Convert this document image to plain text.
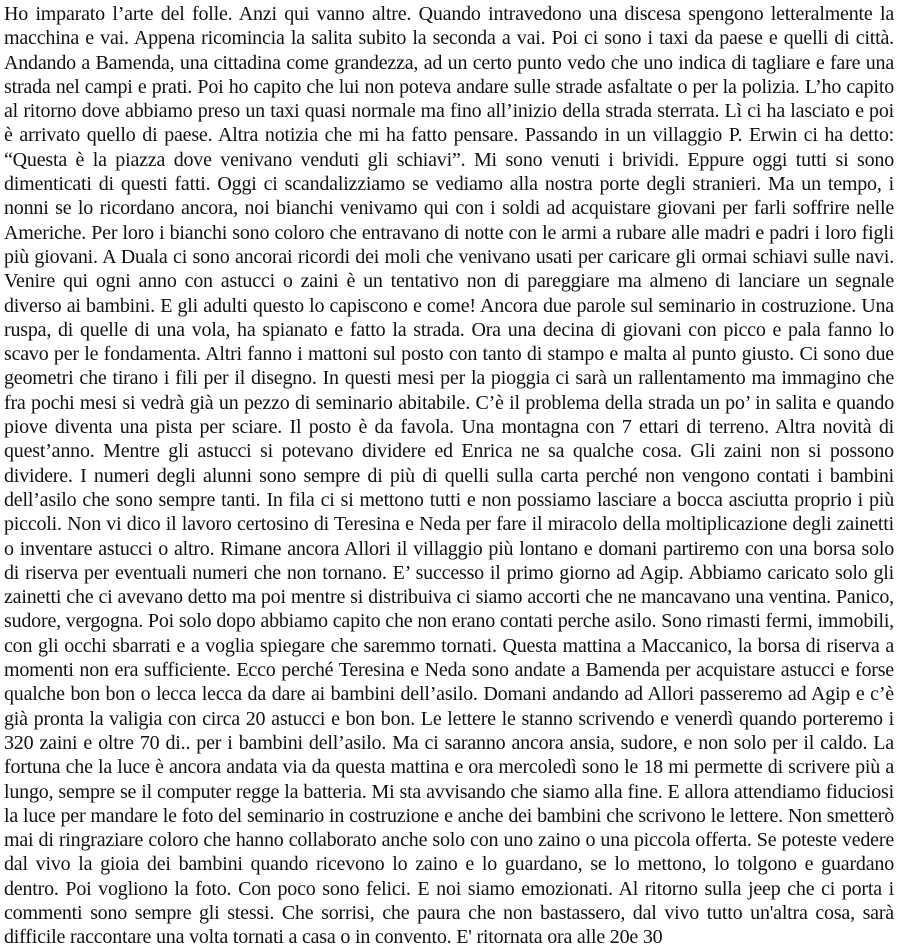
Ho imparato l’arte del folle. Anzi qui vanno altre. Quando intravedono una discesa spengono letteralmente la macchina e vai. Appena ricomincia la salita subito la seconda a vai. Poi ci sono i taxi da paese e quelli di città. Andando a Bamenda, una cittadina come grandezza, ad un certo punto vedo che uno indica di tagliare e fare una strada nel campi e prati. Poi ho capito che lui non poteva andare sulle strade asfaltate o per la polizia. L’ho capito al ritorno dove abbiamo preso un taxi quasi normale ma fino all’inizio della strada sterrata. Lì ci ha lasciato e poi è arrivato quello di paese. Altra notizia che mi ha fatto pensare. Passando in un villaggio P. Erwin ci ha detto: “Questa è la piazza dove venivano venduti gli schiavi”. Mi sono venuti i brividi. Eppure oggi tutti si sono dimenticati di questi fatti. Oggi ci scandalizziamo se vediamo alla nostra porte degli stranieri. Ma un tempo, i nonni se lo ricordano ancora, noi bianchi venivamo qui con i soldi ad acquistare giovani per farli soffrire nelle Americhe. Per loro i bianchi sono coloro che entravano di notte con le armi a rubare alle madri e padri i loro figli più giovani. A Duala ci sono ancorai ricordi dei moli che venivano usati per caricare gli ormai schiavi sulle navi. Venire qui ogni anno con astucci o zaini è un tentativo non di pareggiare ma almeno di lanciare un segnale diverso ai bambini. E gli adulti questo lo capiscono e come! Ancora due parole sul seminario in costruzione. Una ruspa, di quelle di una vola, ha spianato e fatto la strada. Ora una decina di giovani con picco e pala fanno lo scavo per le fondamenta. Altri fanno i mattoni sul posto con tanto di stampo e malta al punto giusto. Ci sono due geometri che tirano i fili per il disegno. In questi mesi per la pioggia ci sarà un rallentamento ma immagino che fra pochi mesi si vedrà già un pezzo di seminario abitabile. C’è il problema della strada un po’ in salita e quando piove diventa una pista per sciare. Il posto è da favola. Una montagna con 7 ettari di terreno. Altra novità di quest’anno. Mentre gli astucci si potevano dividere ed Enrica ne sa qualche cosa. Gli zaini non si possono dividere. I numeri degli alunni sono sempre di più di quelli sulla carta perché non vengono contati i bambini dell’asilo che sono sempre tanti. In fila ci si mettono tutti e non possiamo lasciare a bocca asciutta proprio i più piccoli. Non vi dico il lavoro certosino di Teresina e Neda per fare il miracolo della moltiplicazione degli zainetti o inventare astucci o altro. Rimane ancora Allori il villaggio più lontano e domani partiremo con una borsa solo di riserva per eventuali numeri che non tornano. E’ successo il primo giorno ad Agip. Abbiamo caricato solo gli zainetti che ci avevano detto ma poi mentre si distribuiva ci siamo accorti che ne mancavano una ventina. Panico, sudore, vergogna. Poi solo dopo abbiamo capito che non erano contati perche asilo. Sono rimasti fermi, immobili, con gli occhi sbarrati e a voglia spiegare che saremmo tornati. Questa mattina a Maccanico, la borsa di riserva a momenti non era sufficiente. Ecco perché Teresina e Neda sono andate a Bamenda per acquistare astucci e forse qualche bon bon o lecca lecca da dare ai bambini dell’asilo. Domani andando ad Allori passeremo ad Agip e c’è già pronta la valigia con circa 20 astucci e bon bon. Le lettere le stanno scrivendo e venerdì quando porteremo i 320 zaini e oltre 70 di.. per i bambini dell’asilo. Ma ci saranno ancora ansia, sudore, e non solo per il caldo. La fortuna che la luce è ancora andata via da questa mattina e ora mercoledì sono le 18 mi permette di scrivere più a lungo, sempre se il computer regge la batteria. Mi sta avvisando che siamo alla fine. E allora attendiamo fiduciosi la luce per mandare le foto del seminario in costruzione e anche dei bambini che scrivono le lettere. Non smetterò mai di ringraziare coloro che hanno collaborato anche solo con uno zaino o una piccola offerta. Se poteste vedere dal vivo la gioia dei bambini quando ricevono lo zaino e lo guardano, se lo mettono, lo tolgono e guardano dentro. Poi vogliono la foto. Con poco sono felici. E noi siamo emozionati. Al ritorno sulla jeep che ci porta i commenti sono sempre gli stessi. Che sorrisi, che paura che non bastassero, dal vivo tutto un'altra cosa, sarà difficile raccontare una volta tornati a casa o in convento. E' ritornata ora alle 20e 30
